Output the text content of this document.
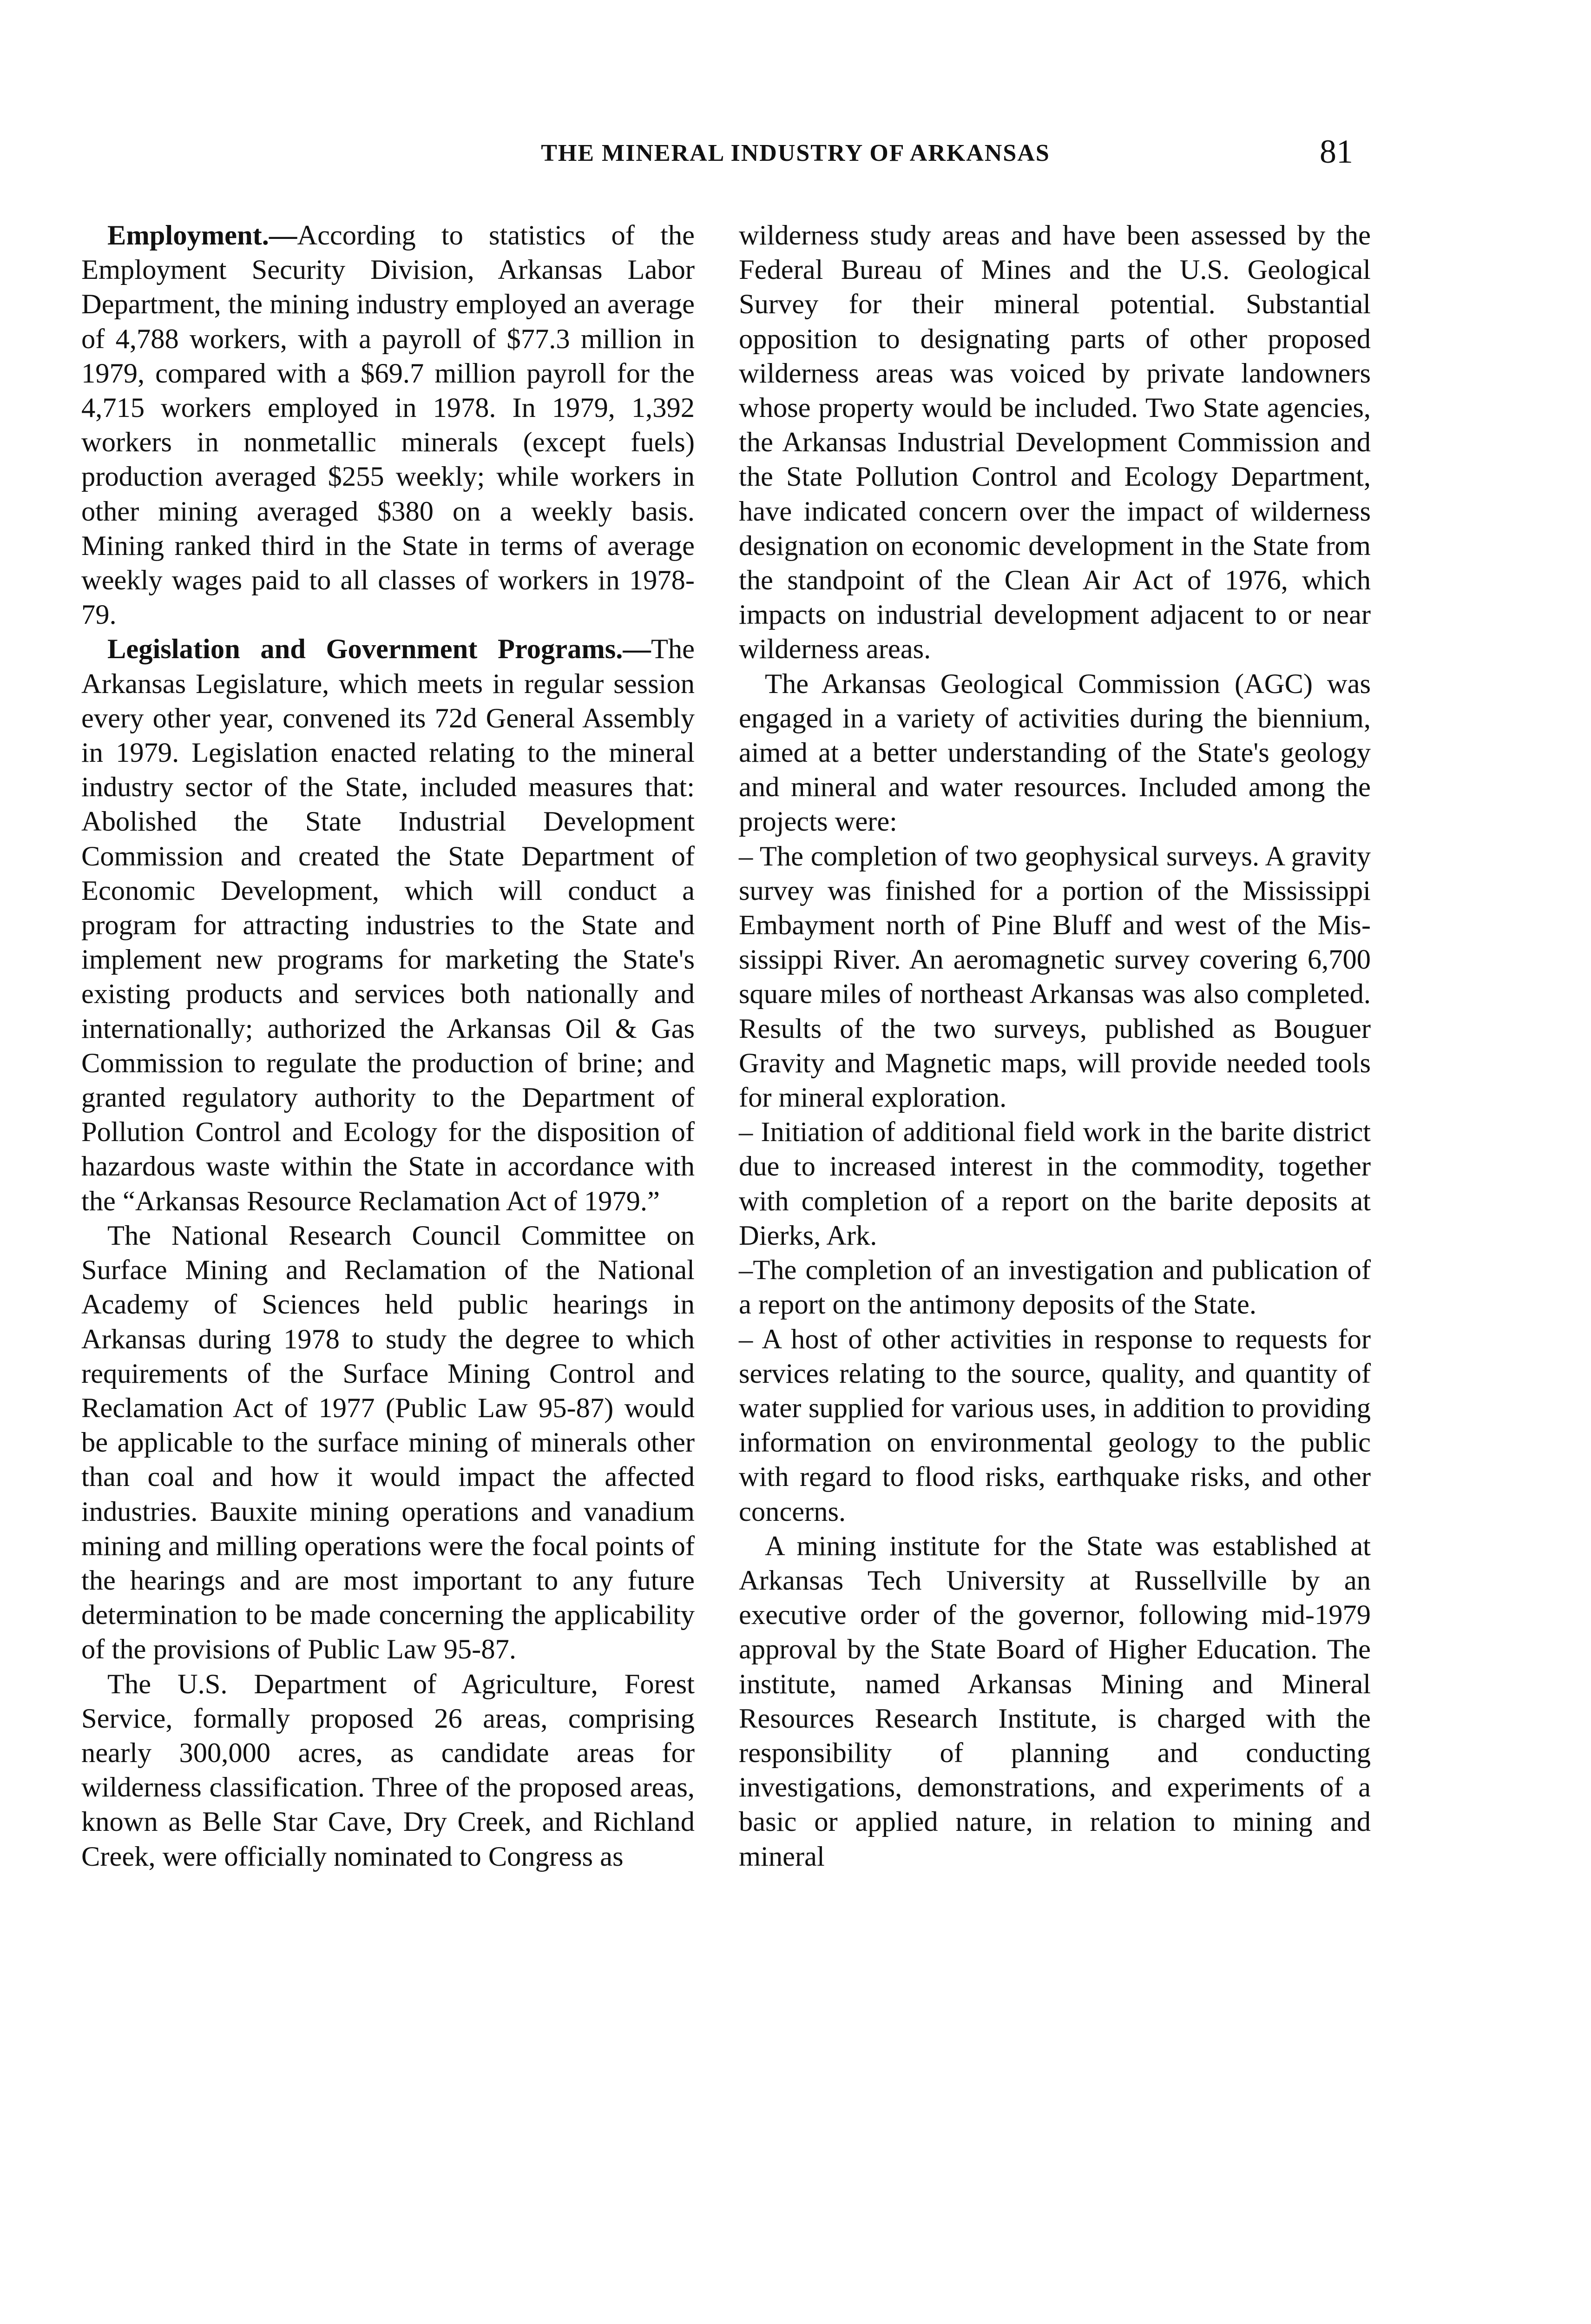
THE MINERAL INDUSTRY OF ARKANSAS	81

Employment.—According to statistics of the Employment Security Division, Arkansas Labor Department, the mining industry employed an average of 4,788 workers, with a payroll of $77.3 million in 1979, compared with a $69.7 million payroll for the 4,715 workers employed in 1978. In 1979, 1,392 workers in nonmetallic minerals (except fuels) production averaged $255 weekly; while workers in other mining averaged $380 on a weekly basis. Mining ranked third in the State in terms of average weekly wages paid to all classes of workers in 1978-79.

Legislation and Government Programs.—The Arkansas Legislature, which meets in regular session every other year, convened its 72d General Assembly in 1979. Legislation enacted relating to the mineral industry sector of the State, included measures that: Abolished the State Industrial Development Commission and created the State Department of Economic Development, which will conduct a program for attracting industries to the State and implement new programs for marketing the State's existing products and services both nationally and internationally; authorized the Arkansas Oil & Gas Commission to regulate the production of brine; and granted regulatory authority to the Department of Pollution Control and Ecology for the disposition of hazardous waste within the State in accordance with the “Arkansas Resource Reclamation Act of 1979.”

The National Research Council Committee on Surface Mining and Reclamation of the National Academy of Sciences held public hearings in Arkansas during 1978 to study the degree to which requirements of the Surface Mining Control and Reclamation Act of 1977 (Public Law 95-87) would be applicable to the surface mining of minerals other than coal and how it would impact the affected industries. Bauxite mining operations and vanadium mining and milling operations were the focal points of the hearings and are most important to any future determination to be made concerning the applicability of the provisions of Public Law 95-87.

The U.S. Department of Agriculture, Forest Service, formally proposed 26 areas, comprising nearly 300,000 acres, as candidate areas for wilderness classification. Three of the proposed areas, known as Belle Star Cave, Dry Creek, and Richland Creek, were officially nominated to Congress as

wilderness study areas and have been assessed by the Federal Bureau of Mines and the U.S. Geological Survey for their mineral potential. Substantial opposition to designating parts of other proposed wilderness areas was voiced by private landowners whose property would be included. Two State agencies, the Arkansas Industrial Development Commission and the State Pollution Control and Ecology Department, have indicated concern over the impact of wilderness designation on economic development in the State from the standpoint of the Clean Air Act of 1976, which impacts on industrial development adjacent to or near wilderness areas.

The Arkansas Geological Commission (AGC) was engaged in a variety of activities during the biennium, aimed at a better understanding of the State's geology and mineral and water resources. Included among the projects were:

– The completion of two geophysical surveys. A gravity survey was finished for a portion of the Mississippi Embayment north of Pine Bluff and west of the Mississippi River. An aeromagnetic survey covering 6,700 square miles of northeast Arkansas was also completed. Results of the two surveys, published as Bouguer Gravity and Magnetic maps, will provide needed tools for mineral exploration.

– Initiation of additional field work in the barite district due to increased interest in the commodity, together with completion of a report on the barite deposits at Dierks, Ark.

–The completion of an investigation and publication of a report on the antimony deposits of the State.

– A host of other activities in response to requests for services relating to the source, quality, and quantity of water supplied for various uses, in addition to providing information on environmental geology to the public with regard to flood risks, earthquake risks, and other concerns.

A mining institute for the State was established at Arkansas Tech University at Russellville by an executive order of the governor, following mid-1979 approval by the State Board of Higher Education. The institute, named Arkansas Mining and Mineral Resources Research Institute, is charged with the responsibility of planning and conducting investigations, demonstrations, and experiments of a basic or applied nature, in relation to mining and mineral
